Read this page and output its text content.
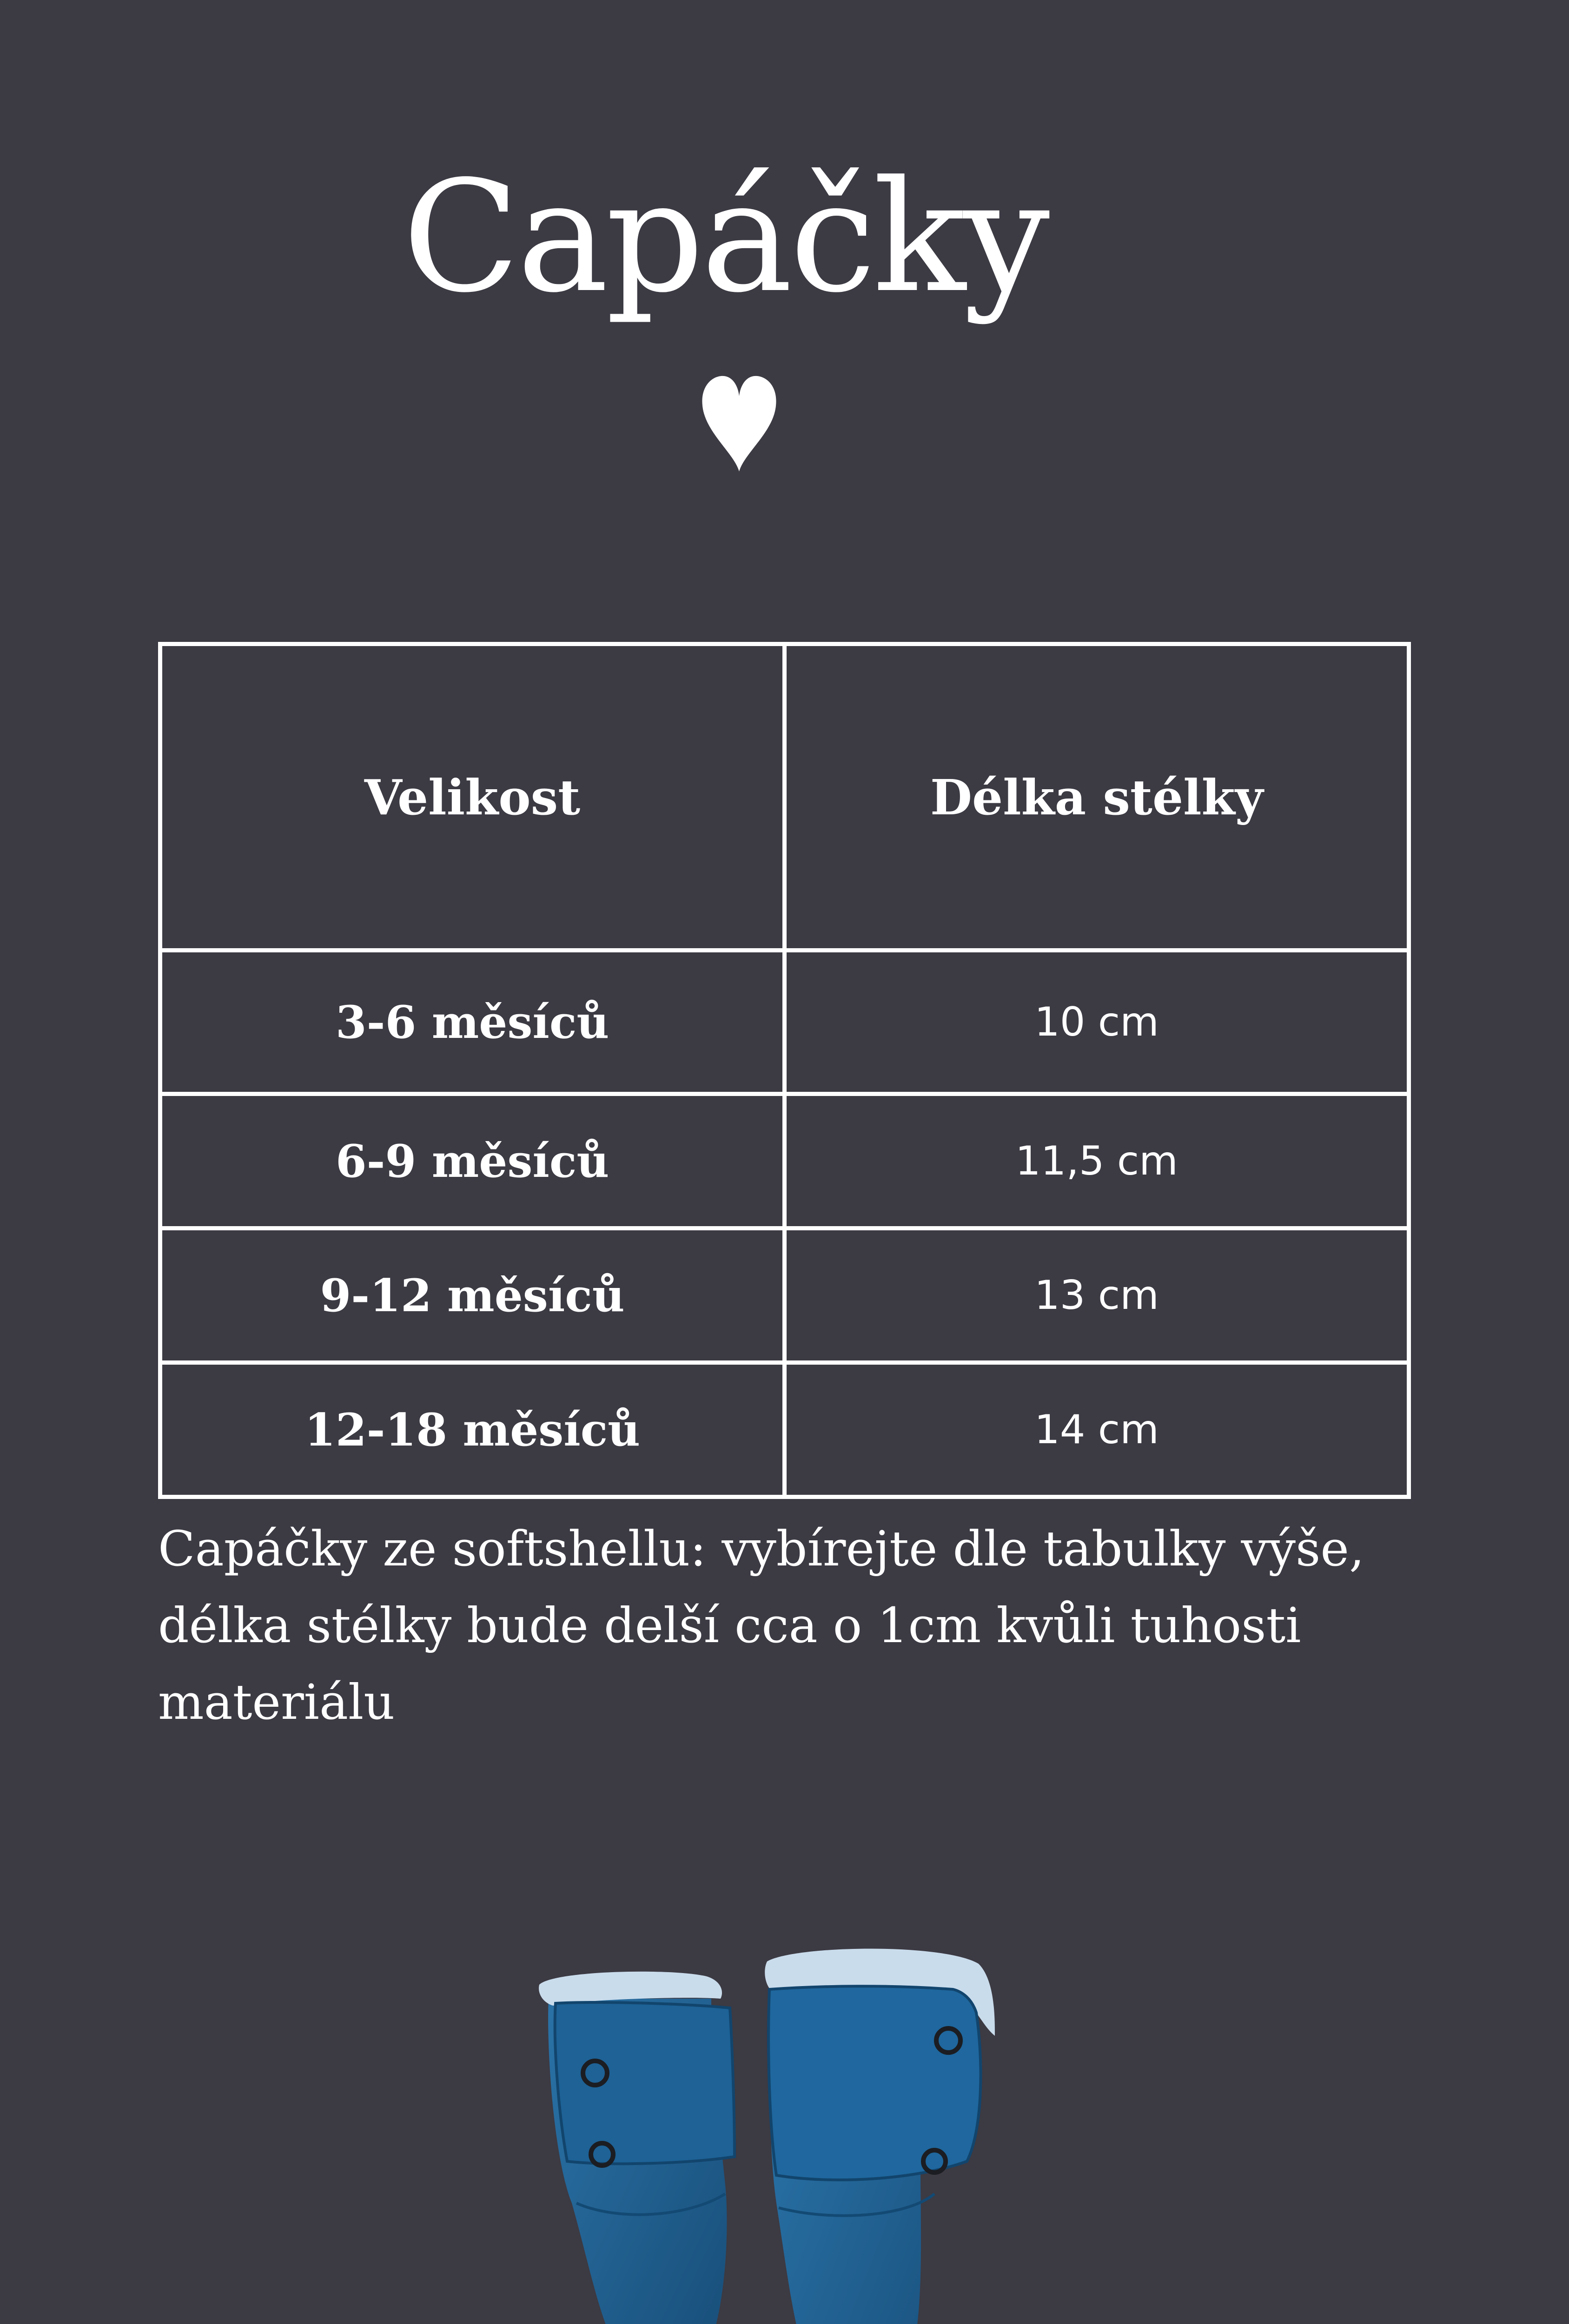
Capáčky
Velikost	Délka stélky
3-6 měsíců	10 cm
6-9 měsíců	11,5 cm
9-12 měsíců	13 cm
12-18 měsíců	14 cm
Capáčky ze softshellu: vybírejte dle tabulky výše, délka stélky bude delší cca o 1cm kvůli tuhosti materiálu
